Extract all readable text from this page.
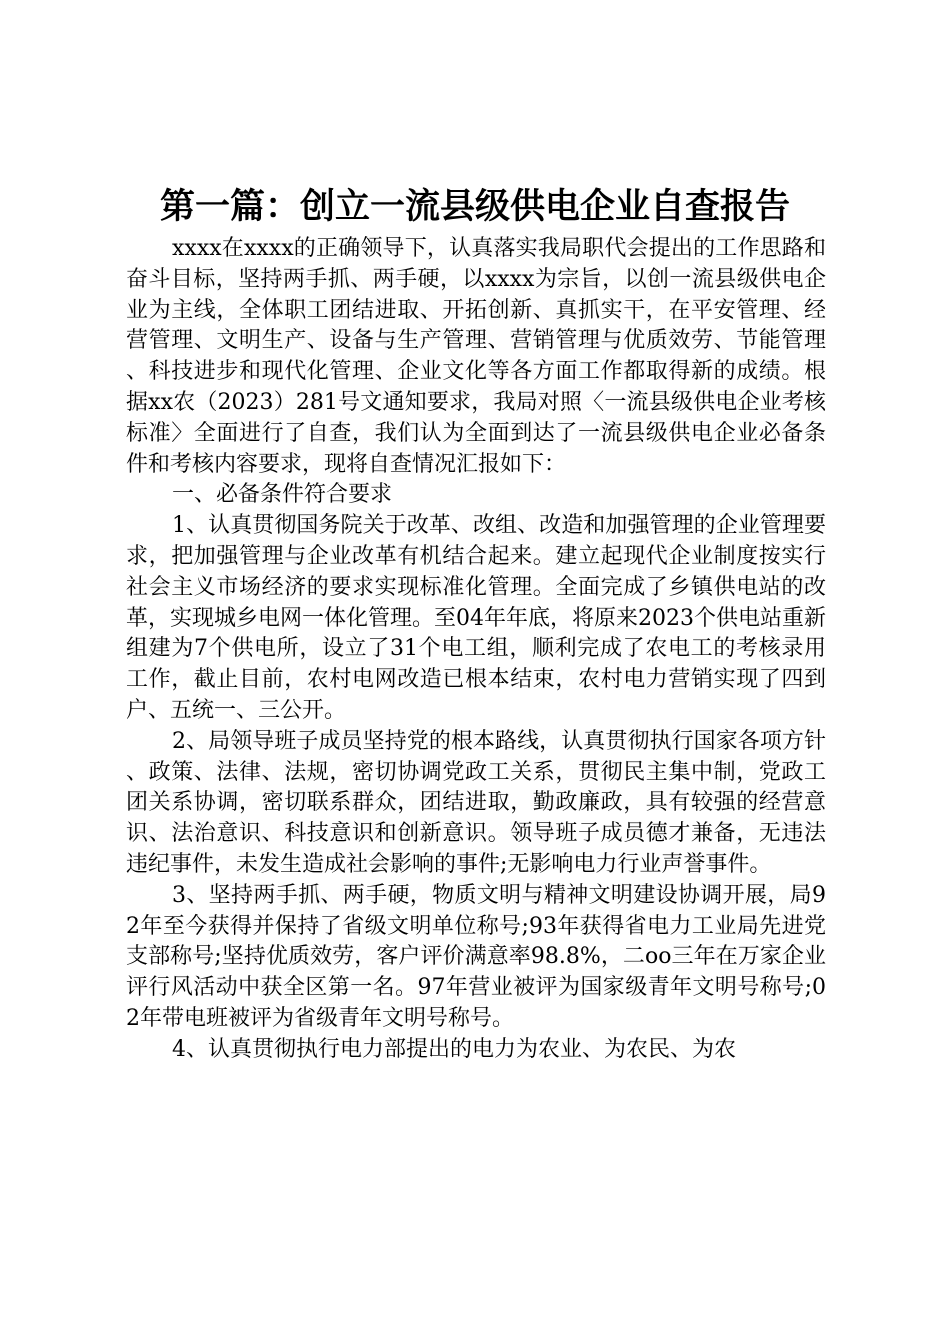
第一篇：创立一流县级供电企业自查报告

xxxx在xxxx的正确领导下，认真落实我局职代会提出的工作思路和奋斗目标，坚持两手抓、两手硬，以xxxx为宗旨，以创一流县级供电企业为主线，全体职工团结进取、开拓创新、真抓实干，在平安管理、经营管理、文明生产、设备与生产管理、营销管理与优质效劳、节能管理、科技进步和现代化管理、企业文化等各方面工作都取得新的成绩。根据xx农（2023）281号文通知要求，我局对照〈一流县级供电企业考核标准〉全面进行了自查，我们认为全面到达了一流县级供电企业必备条件和考核内容要求，现将自查情况汇报如下：

一、必备条件符合要求

1、认真贯彻国务院关于改革、改组、改造和加强管理的企业管理要求，把加强管理与企业改革有机结合起来。建立起现代企业制度按实行社会主义市场经济的要求实现标准化管理。全面完成了乡镇供电站的改革，实现城乡电网一体化管理。至04年年底，将原来2023个供电站重新组建为7个供电所，设立了31个电工组，顺利完成了农电工的考核录用工作，截止目前，农村电网改造已根本结束，农村电力营销实现了四到户、五统一、三公开。

2、局领导班子成员坚持党的根本路线，认真贯彻执行国家各项方针、政策、法律、法规，密切协调党政工关系，贯彻民主集中制，党政工团关系协调，密切联系群众，团结进取，勤政廉政，具有较强的经营意识、法治意识、科技意识和创新意识。领导班子成员德才兼备，无违法违纪事件，未发生造成社会影响的事件;无影响电力行业声誉事件。

3、坚持两手抓、两手硬，物质文明与精神文明建设协调开展，局92年至今获得并保持了省级文明单位称号;93年获得省电力工业局先进党支部称号;坚持优质效劳，客户评价满意率98.8%，二oo三年在万家企业评行风活动中获全区第一名。97年营业被评为国家级青年文明号称号;02年带电班被评为省级青年文明号称号。

4、认真贯彻执行电力部提出的电力为农业、为农民、为农
